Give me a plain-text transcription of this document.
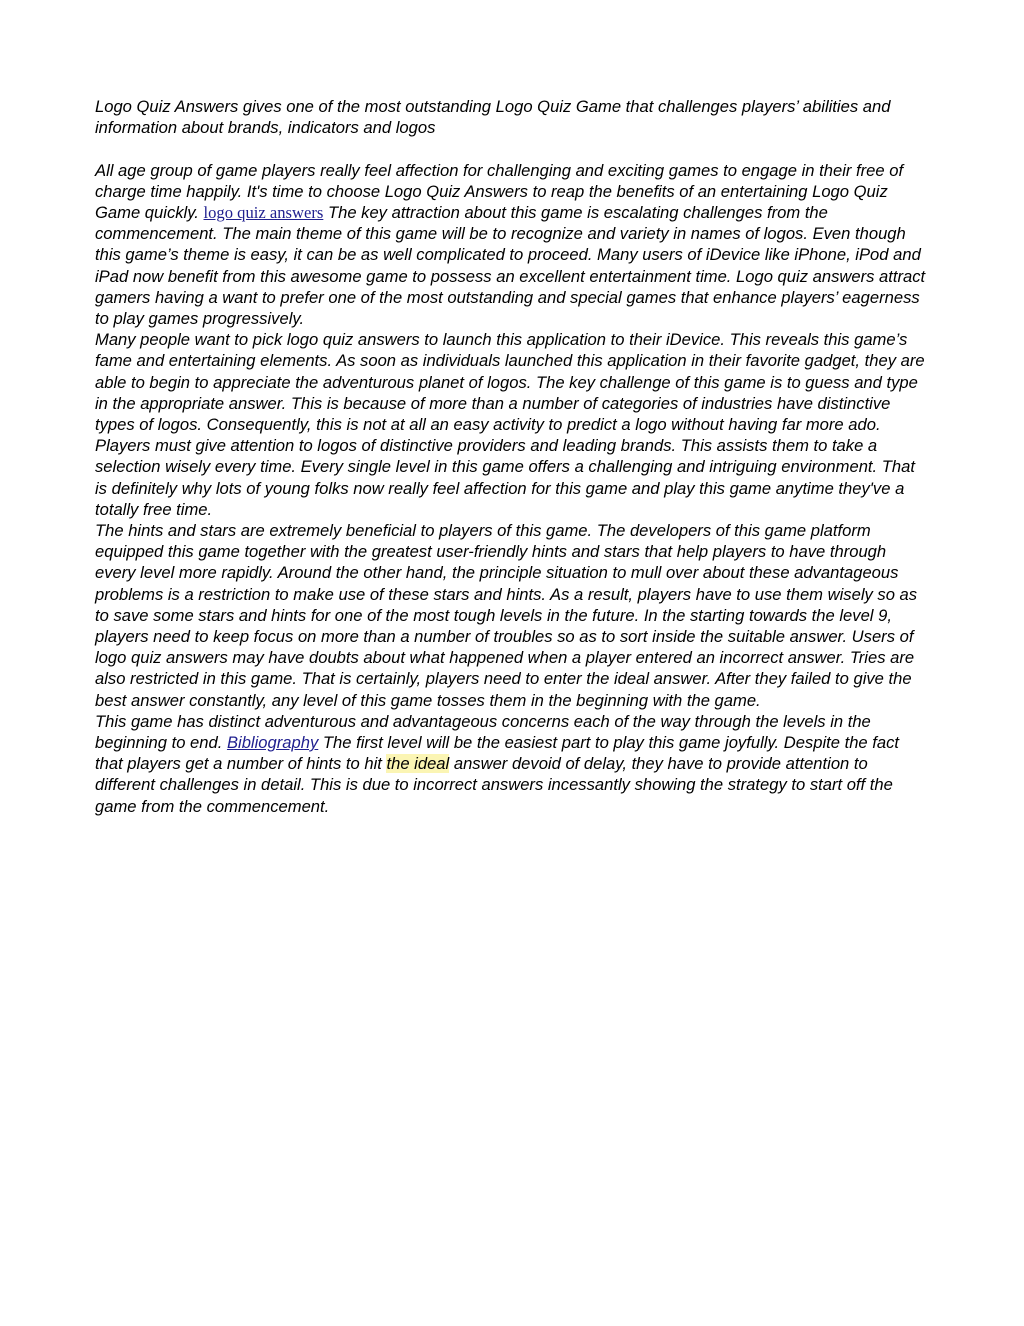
Logo Quiz Answers gives one of the most outstanding Logo Quiz Game that challenges players’ abilities and information about brands, indicators and logos

All age group of game players really feel affection for challenging and exciting games to engage in their free of charge time happily. It's time to choose Logo Quiz Answers to reap the benefits of an entertaining Logo Quiz Game quickly. logo quiz answers The key attraction about this game is escalating challenges from the commencement. The main theme of this game will be to recognize and variety in names of logos. Even though this game’s theme is easy, it can be as well complicated to proceed. Many users of iDevice like iPhone, iPod and iPad now benefit from this awesome game to possess an excellent entertainment time. Logo quiz answers attract gamers having a want to prefer one of the most outstanding and special games that enhance players’ eagerness to play games progressively.

Many people want to pick logo quiz answers to launch this application to their iDevice. This reveals this game’s fame and entertaining elements. As soon as individuals launched this application in their favorite gadget, they are able to begin to appreciate the adventurous planet of logos. The key challenge of this game is to guess and type in the appropriate answer. This is because of more than a number of categories of industries have distinctive types of logos. Consequently, this is not at all an easy activity to predict a logo without having far more ado. Players must give attention to logos of distinctive providers and leading brands. This assists them to take a selection wisely every time. Every single level in this game offers a challenging and intriguing environment. That is definitely why lots of young folks now really feel affection for this game and play this game anytime they've a totally free time.

The hints and stars are extremely beneficial to players of this game. The developers of this game platform equipped this game together with the greatest user-friendly hints and stars that help players to have through every level more rapidly. Around the other hand, the principle situation to mull over about these advantageous problems is a restriction to make use of these stars and hints. As a result, players have to use them wisely so as to save some stars and hints for one of the most tough levels in the future. In the starting towards the level 9, players need to keep focus on more than a number of troubles so as to sort inside the suitable answer. Users of logo quiz answers may have doubts about what happened when a player entered an incorrect answer. Tries are also restricted in this game. That is certainly, players need to enter the ideal answer. After they failed to give the best answer constantly, any level of this game tosses them in the beginning with the game.

This game has distinct adventurous and advantageous concerns each of the way through the levels in the beginning to end. Bibliography The first level will be the easiest part to play this game joyfully. Despite the fact that players get a number of hints to hit the ideal answer devoid of delay, they have to provide attention to different challenges in detail. This is due to incorrect answers incessantly showing the strategy to start off the game from the commencement.
